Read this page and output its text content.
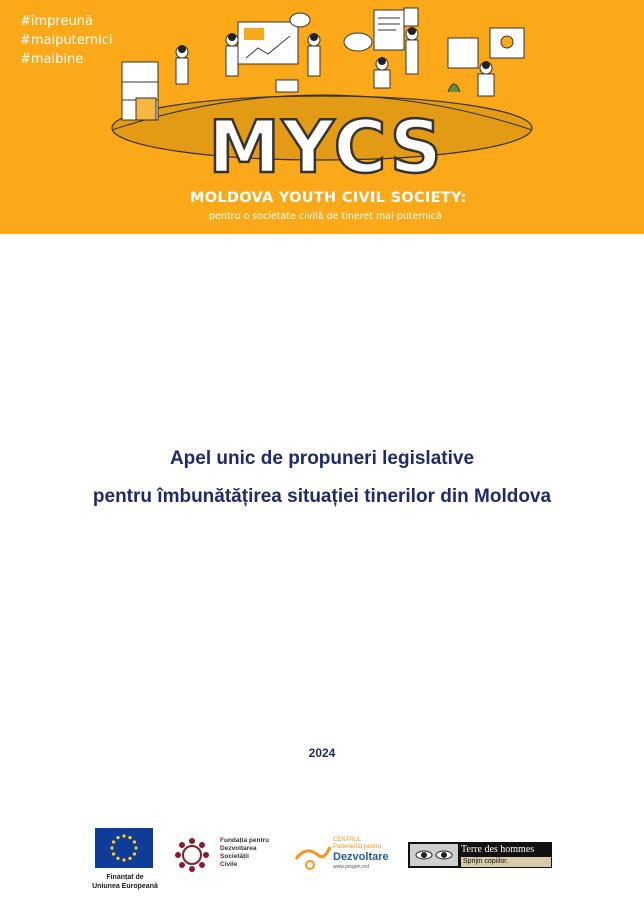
#împreună
#maiputernici
#maibine
MYCS
MOLDOVA YOUTH CIVIL SOCIETY:
pentru o societate civilă de tineret mai puternică
Apel unic de propuneri legislative
pentru îmbunătățirea situației tinerilor din Moldova
2024
Finanțat de
Uniunea Europeană
Fundația pentru
Dezvoltarea
Societății
Civile
CENTRUL
Parteneriat pentru
Dezvoltare
www.progen.md
Terre des hommes
Sprijin copiilor.
